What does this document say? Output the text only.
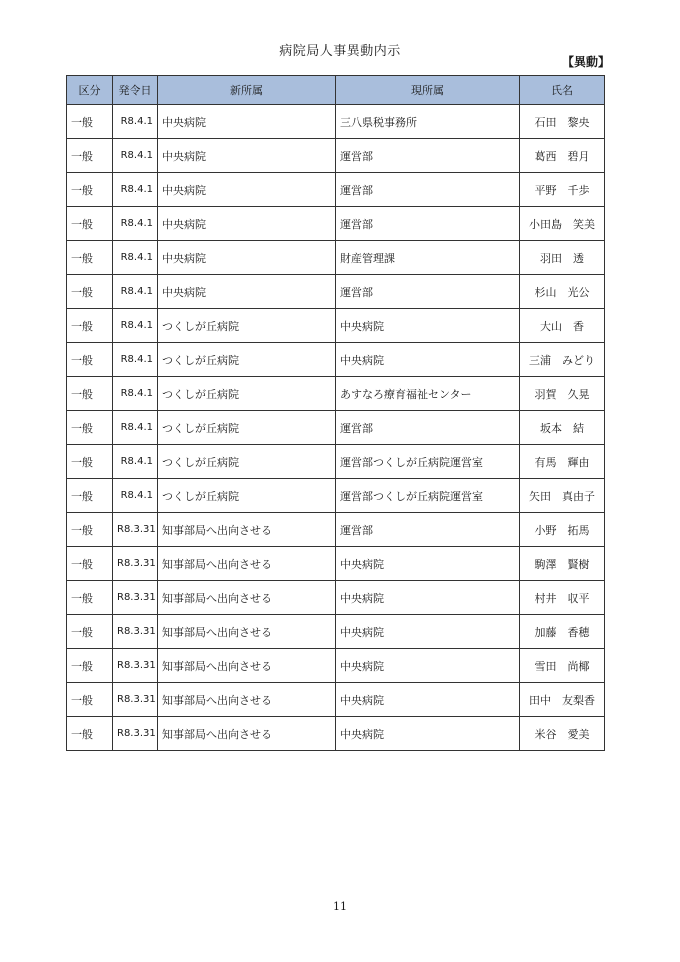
病院局人事異動内示
【異動】
区分	発令日	新所属	現所属	氏名
一般	R8.4.1	中央病院	三八県税事務所	石田　黎央
一般	R8.4.1	中央病院	運営部	葛西　碧月
一般	R8.4.1	中央病院	運営部	平野　千歩
一般	R8.4.1	中央病院	運営部	小田島　笑美
一般	R8.4.1	中央病院	財産管理課	羽田　透
一般	R8.4.1	中央病院	運営部	杉山　光公
一般	R8.4.1	つくしが丘病院	中央病院	大山　香
一般	R8.4.1	つくしが丘病院	中央病院	三浦　みどり
一般	R8.4.1	つくしが丘病院	あすなろ療育福祉センター	羽賀　久晃
一般	R8.4.1	つくしが丘病院	運営部	坂本　結
一般	R8.4.1	つくしが丘病院	運営部つくしが丘病院運営室	有馬　輝由
一般	R8.4.1	つくしが丘病院	運営部つくしが丘病院運営室	矢田　真由子
一般	R8.3.31	知事部局へ出向させる	運営部	小野　拓馬
一般	R8.3.31	知事部局へ出向させる	中央病院	駒澤　賢樹
一般	R8.3.31	知事部局へ出向させる	中央病院	村井　収平
一般	R8.3.31	知事部局へ出向させる	中央病院	加藤　香穂
一般	R8.3.31	知事部局へ出向させる	中央病院	雪田　尚椰
一般	R8.3.31	知事部局へ出向させる	中央病院	田中　友梨香
一般	R8.3.31	知事部局へ出向させる	中央病院	米谷　愛美
11
